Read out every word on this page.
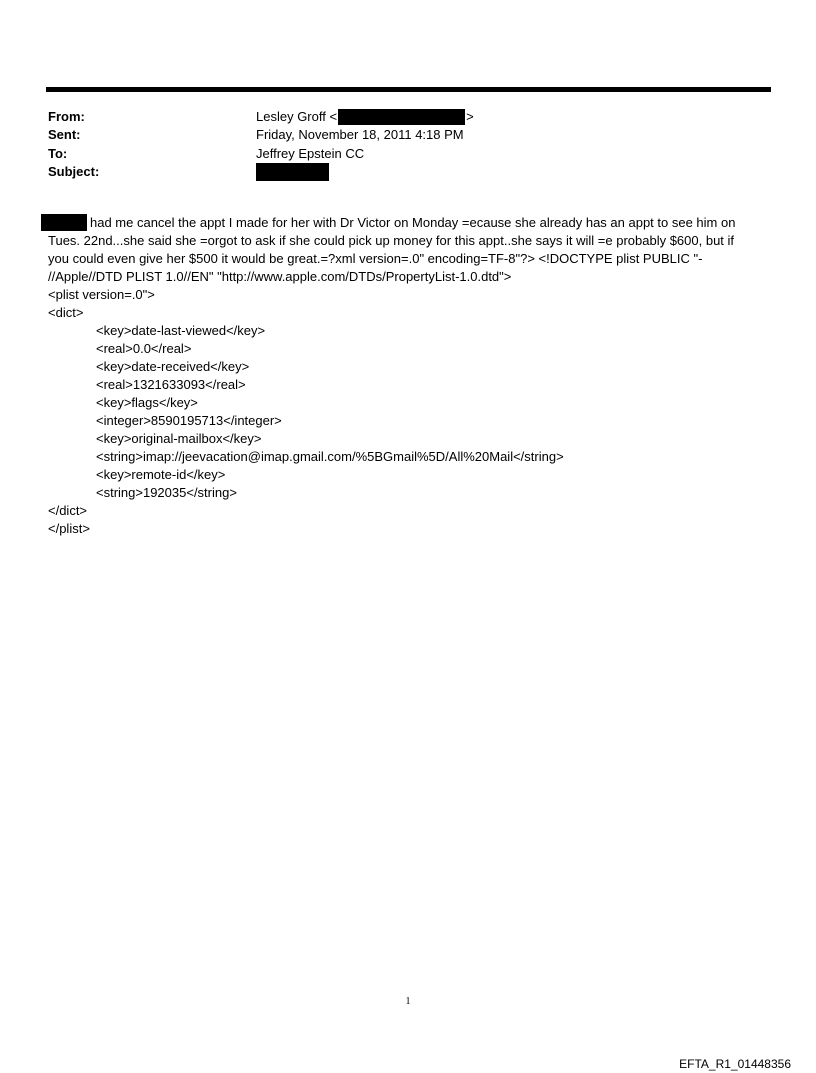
From:	Lesley Groff <	>
Sent:	Friday, November 18, 2011 4:18 PM
To:	Jeffrey Epstein CC
Subject:
had me cancel the appt I made for her with Dr Victor on Monday =ecause she already has an appt to see him on
Tues. 22nd...she said she =orgot to ask if she could pick up money for this appt..she says it will =e probably $600, but if
you could even give her $500 it would be great.=?xml version=.0" encoding=TF-8"?> <!DOCTYPE plist PUBLIC "-
//Apple//DTD PLIST 1.0//EN" "http://www.apple.com/DTDs/PropertyList-1.0.dtd">
<plist version=.0">
<dict>
<key>date-last-viewed</key>
<real>0.0</real>
<key>date-received</key>
<real>1321633093</real>
<key>flags</key>
<integer>8590195713</integer>
<key>original-mailbox</key>
<string>imap://jeevacation@imap.gmail.com/%5BGmail%5D/All%20Mail</string>
<key>remote-id</key>
<string>192035</string>
</dict>
</plist>
1
EFTA_R1_01448356
